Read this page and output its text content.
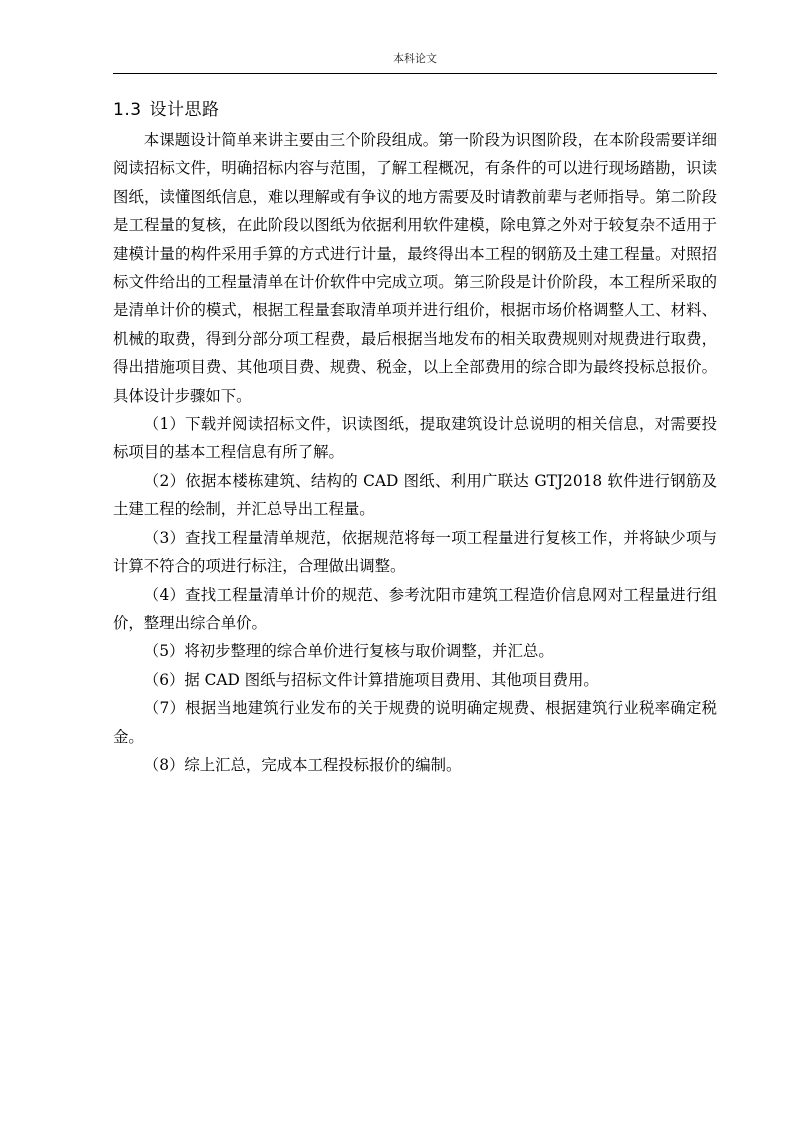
本科论文
1.3 设计思路

本课题设计简单来讲主要由三个阶段组成。第一阶段为识图阶段，在本阶段需要详细阅读招标文件，明确招标内容与范围，了解工程概况，有条件的可以进行现场踏勘，识读图纸，读懂图纸信息，难以理解或有争议的地方需要及时请教前辈与老师指导。第二阶段是工程量的复核，在此阶段以图纸为依据利用软件建模，除电算之外对于较复杂不适用于建模计量的构件采用手算的方式进行计量，最终得出本工程的钢筋及土建工程量。对照招标文件给出的工程量清单在计价软件中完成立项。第三阶段是计价阶段，本工程所采取的是清单计价的模式，根据工程量套取清单项并进行组价，根据市场价格调整人工、材料、机械的取费，得到分部分项工程费，最后根据当地发布的相关取费规则对规费进行取费，得出措施项目费、其他项目费、规费、税金，以上全部费用的综合即为最终投标总报价。具体设计步骤如下。

（1）下载并阅读招标文件，识读图纸，提取建筑设计总说明的相关信息，对需要投标项目的基本工程信息有所了解。

（2）依据本楼栋建筑、结构的 CAD 图纸、利用广联达 GTJ2018 软件进行钢筋及土建工程的绘制，并汇总导出工程量。

（3）查找工程量清单规范，依据规范将每一项工程量进行复核工作，并将缺少项与计算不符合的项进行标注，合理做出调整。

（4）查找工程量清单计价的规范、参考沈阳市建筑工程造价信息网对工程量进行组价，整理出综合单价。

（5）将初步整理的综合单价进行复核与取价调整，并汇总。

（6）据 CAD 图纸与招标文件计算措施项目费用、其他项目费用。

（7）根据当地建筑行业发布的关于规费的说明确定规费、根据建筑行业税率确定税金。

（8）综上汇总，完成本工程投标报价的编制。
